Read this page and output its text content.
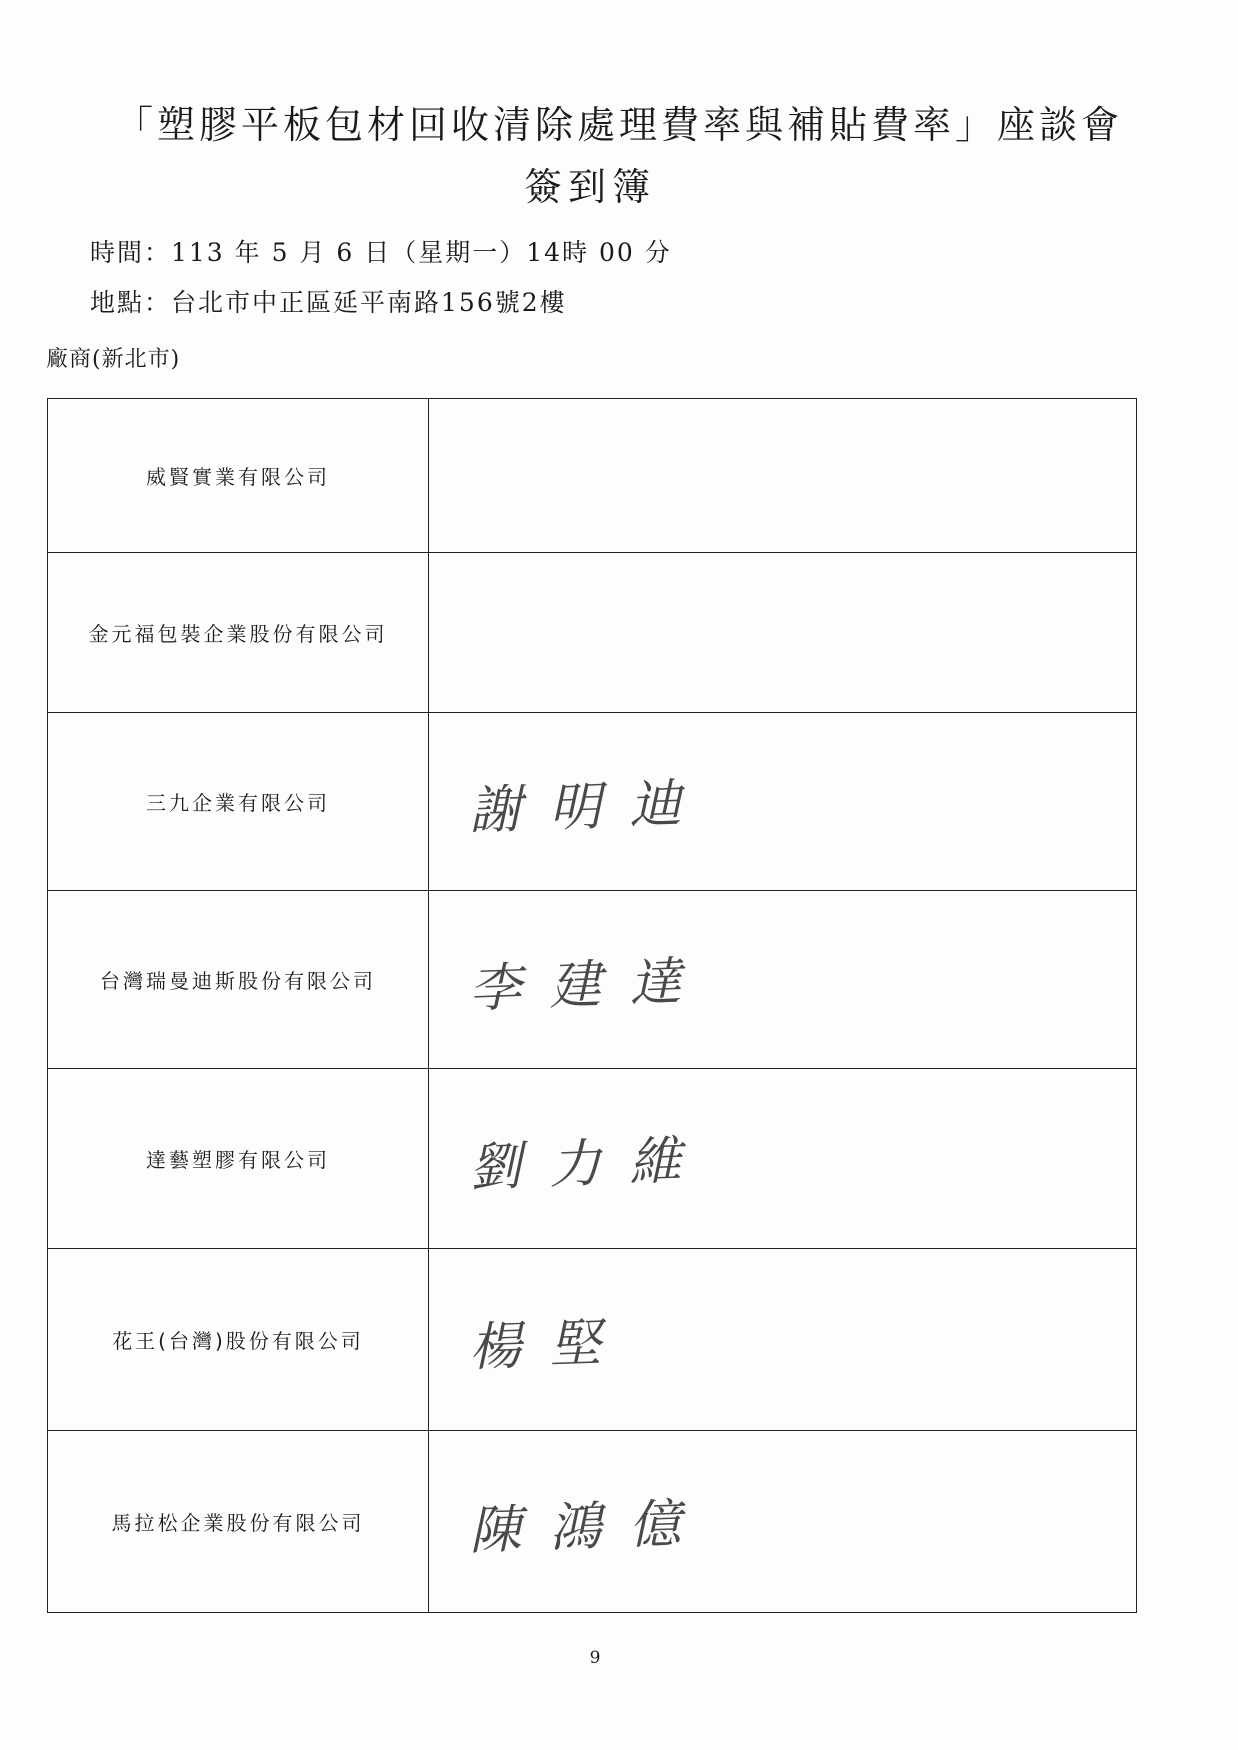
「塑膠平板包材回收清除處理費率與補貼費率」座談會
簽到簿
時間：113 年 5 月 6 日（星期一）14時 00 分
地點：台北市中正區延平南路156號2樓
廠商(新北市)
威賢實業有限公司	

金元福包裝企業股份有限公司	

三九企業有限公司	謝明迪

台灣瑞曼迪斯股份有限公司	李建達

達藝塑膠有限公司	劉力維

花王(台灣)股份有限公司	楊堅

馬拉松企業股份有限公司	陳鴻億
9
